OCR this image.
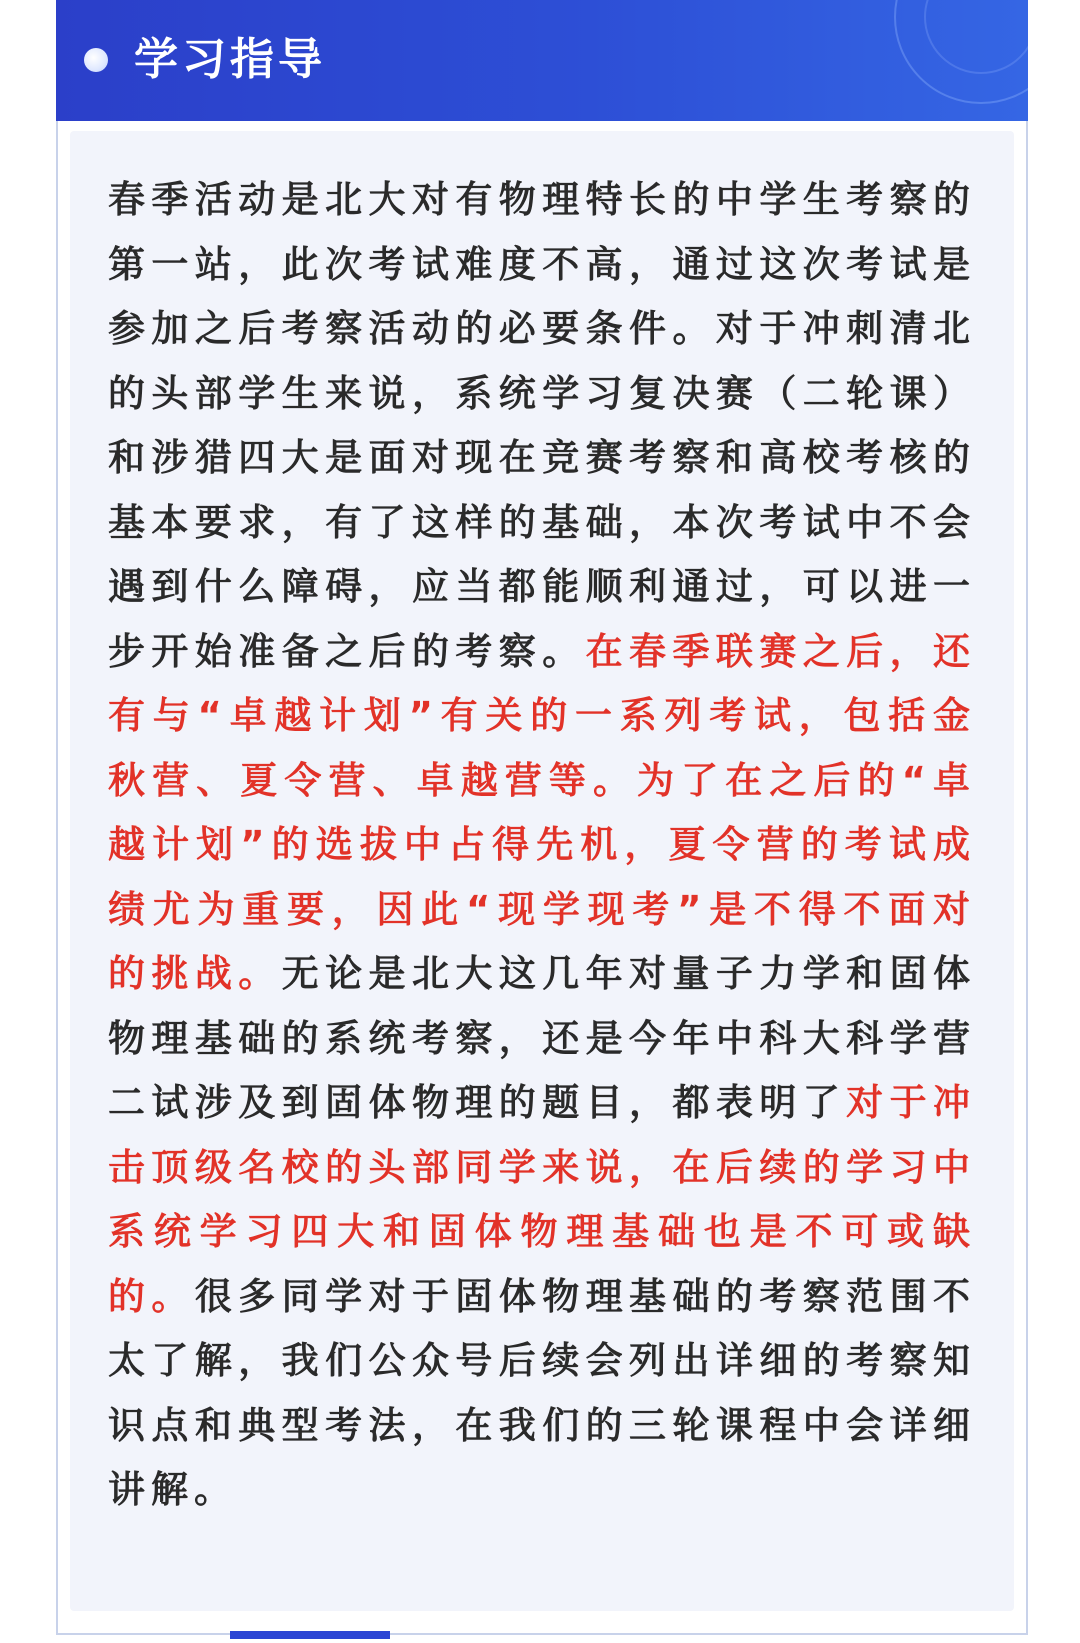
学习指导

春季活动是北大对有物理特长的中学生考察的第一站，此次考试难度不高，通过这次考试是参加之后考察活动的必要条件。对于冲刺清北的头部学生来说，系统学习复决赛（二轮课）和涉猎四大是面对现在竞赛考察和高校考核的基本要求，有了这样的基础，本次考试中不会遇到什么障碍，应当都能顺利通过，可以进一步开始准备之后的考察。在春季联赛之后，还有与“卓越计划”有关的一系列考试，包括金秋营、夏令营、卓越营等。为了在之后的“卓越计划”的选拔中占得先机，夏令营的考试成绩尤为重要，因此“现学现考”是不得不面对的挑战。无论是北大这几年对量子力学和固体物理基础的系统考察，还是今年中科大科学营二试涉及到固体物理的题目，都表明了对于冲击顶级名校的头部同学来说，在后续的学习中系统学习四大和固体物理基础也是不可或缺的。很多同学对于固体物理基础的考察范围不太了解，我们公众号后续会列出详细的考察知识点和典型考法，在我们的三轮课程中会详细讲解。
